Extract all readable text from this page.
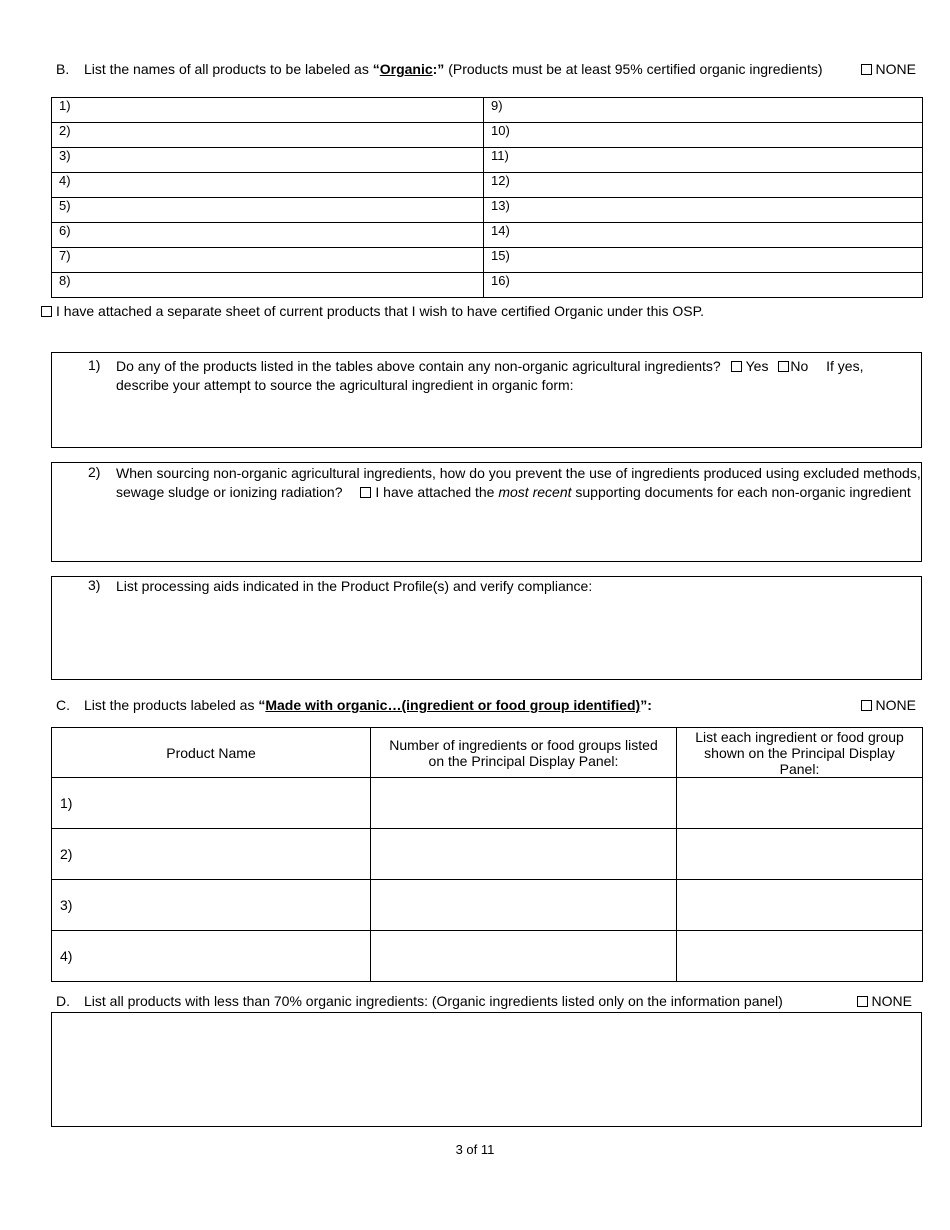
B. List the names of all products to be labeled as “Organic:” (Products must be at least 95% certified organic ingredients)	NONE
1)	9)
2)	10)
3)	11)
4)	12)
5)	13)
6)	14)
7)	15)
8)	16)
I have attached a separate sheet of current products that I wish to have certified Organic under this OSP.
1) Do any of the products listed in the tables above contain any non-organic agricultural ingredients? Yes No If yes,
describe your attempt to source the agricultural ingredient in organic form:
2) When sourcing non-organic agricultural ingredients, how do you prevent the use of ingredients produced using excluded methods,
sewage sludge or ionizing radiation? I have attached the most recent supporting documents for each non-organic ingredient
3) List processing aids indicated in the Product Profile(s) and verify compliance:
C. List the products labeled as “Made with organic…(ingredient or food group identified)”:	NONE
Product Name	Number of ingredients or food groups listed on the Principal Display Panel:	List each ingredient or food group shown on the Principal Display Panel:
1)		
2)		
3)		
4)		
D. List all products with less than 70% organic ingredients: (Organic ingredients listed only on the information panel)	NONE
3 of 11
